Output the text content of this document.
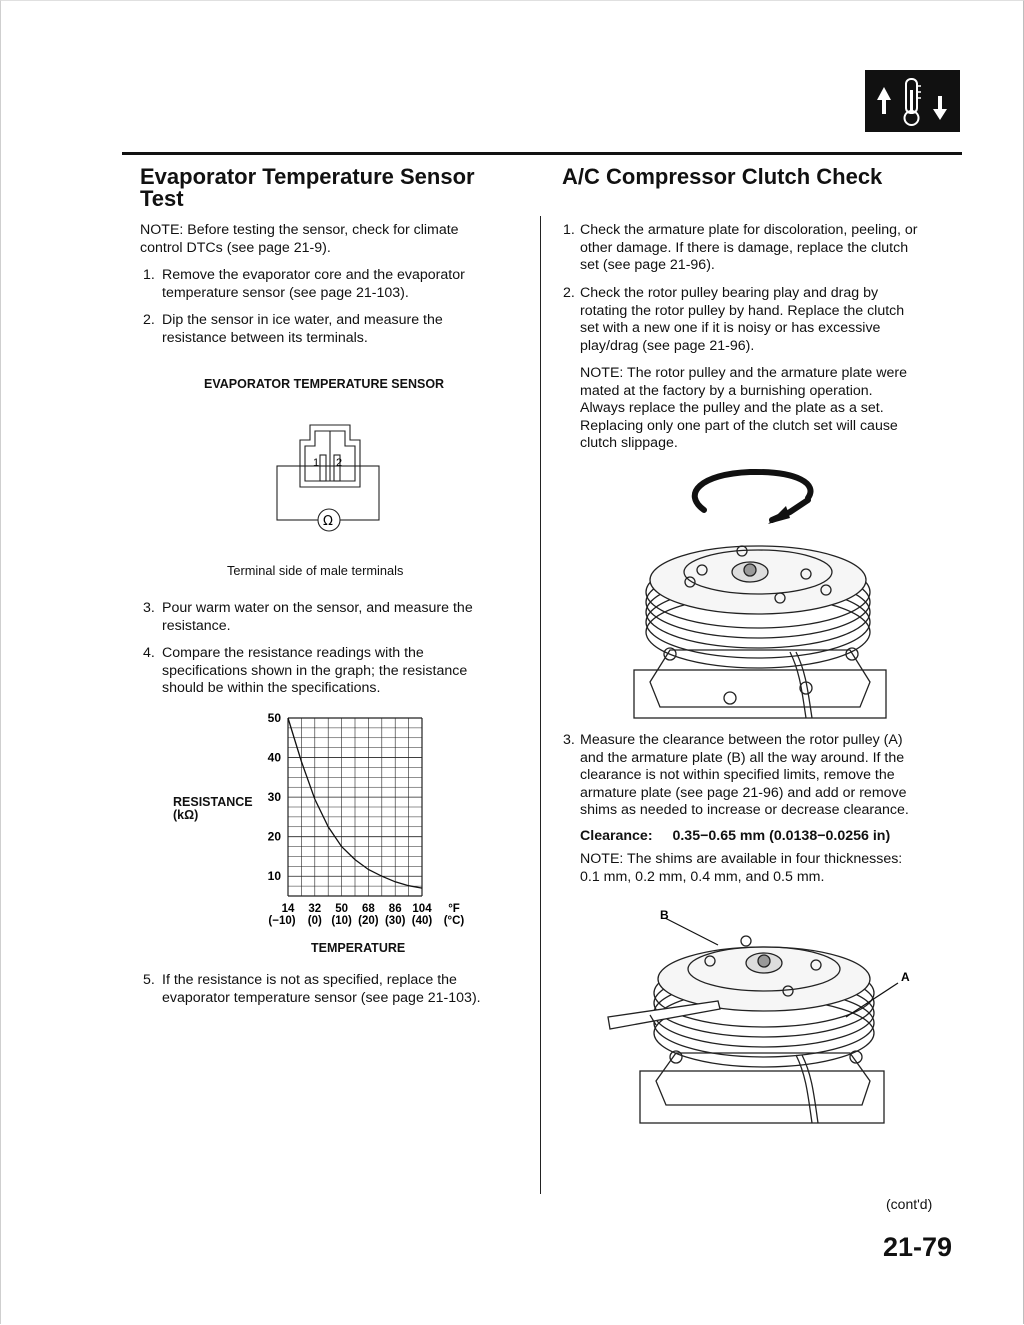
Evaporator Temperature Sensor
Test
NOTE: Before testing the sensor, check for climate
control DTCs (see page 21-9).
1. Remove the evaporator core and the evaporator
temperature sensor (see page 21-103).
2. Dip the sensor in ice water, and measure the
resistance between its terminals.
EVAPORATOR TEMPERATURE SENSOR
1 2
Ω
Terminal side of male terminals
3. Pour warm water on the sensor, and measure the
resistance.
4. Compare the resistance readings with the
specifications shown in the graph; the resistance
should be within the specifications.
RESISTANCE
(kΩ)
50
40
30
20
10
14 32 50 68 86 104 °F
(−10) (0) (10) (20) (30) (40) (°C)
TEMPERATURE
5. If the resistance is not as specified, replace the
evaporator temperature sensor (see page 21-103).
A/C Compressor Clutch Check
1. Check the armature plate for discoloration, peeling, or
other damage. If there is damage, replace the clutch
set (see page 21-96).
2. Check the rotor pulley bearing play and drag by
rotating the rotor pulley by hand. Replace the clutch
set with a new one if it is noisy or has excessive
play/drag (see page 21-96).
NOTE: The rotor pulley and the armature plate were
mated at the factory by a burnishing operation.
Always replace the pulley and the plate as a set.
Replacing only one part of the clutch set will cause
clutch slippage.
3. Measure the clearance between the rotor pulley (A)
and the armature plate (B) all the way around. If the
clearance is not within specified limits, remove the
armature plate (see page 21-96) and add or remove
shims as needed to increase or decrease clearance.
Clearance: 0.35−0.65 mm (0.0138−0.0256 in)
NOTE: The shims are available in four thicknesses:
0.1 mm, 0.2 mm, 0.4 mm, and 0.5 mm.
B
A
(cont'd)
21-79
